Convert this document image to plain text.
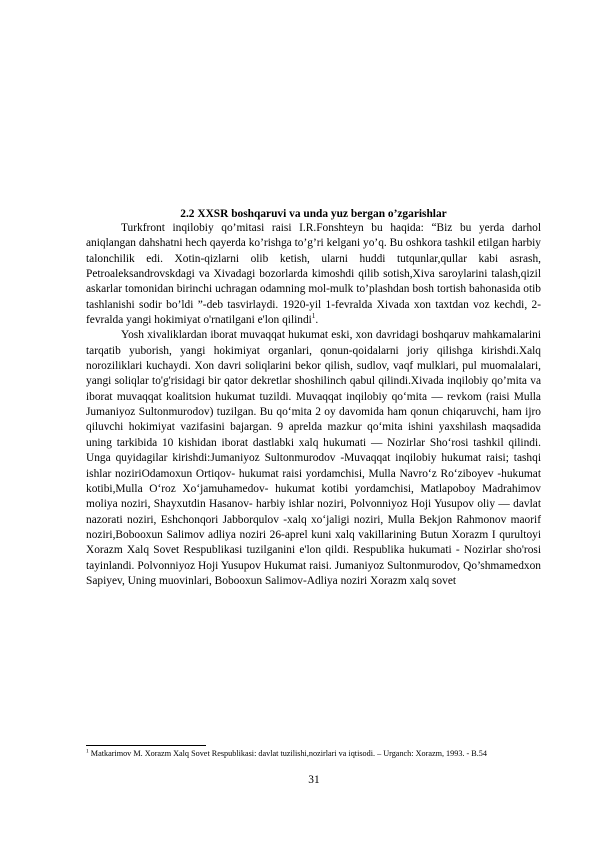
2.2 XXSR boshqaruvi va unda yuz bergan o’zgarishlar

Turkfront inqilobiy qo’mitasi raisi I.R.Fonshteyn bu haqida: “Biz bu yerda darhol aniqlangan dahshatni hech qayerda ko’rishga to’g’ri kelgani yo’q. Bu oshkora tashkil etilgan harbiy talonchilik edi. Xotin-qizlarni olib ketish, ularni huddi tutqunlar,qullar kabi asrash, Petroaleksandrovskdagi va Xivadagi bozorlarda kimoshdi qilib sotish,Xiva saroylarini talash,qizil askarlar tomonidan birinchi uchragan odamning mol-mulk to’plashdan bosh tortish bahonasida otib tashlanishi sodir bo’ldi ”-deb tasvirlaydi. 1920-yil 1-fevralda Xivada xon taxtdan voz kechdi, 2-fevralda yangi hokimiyat o'rnatilgani e'lon qilindi$^1$.

Yosh xivaliklardan iborat muvaqqat hukumat eski, xon davridagi boshqaruv mahkamalarini tarqatib yuborish, yangi hokimiyat organlari, qonun-qoidalarni joriy qilishga kirishdi.Xalq noroziliklari kuchaydi. Xon davri soliqlarini bekor qilish, sudlov, vaqf mulklari, pul muomalalari, yangi soliqlar to'g'risidagi bir qator dekretlar shoshilinch qabul qilindi.Xivada inqilobiy qo’mita va iborat muvaqqat koalitsion hukumat tuzildi. Muvaqqat inqilobiy qo‘mita — revkom (raisi Mulla Jumaniyoz Sultonmurodov) tuzilgan. Bu qo‘mita 2 oy davomida ham qonun chiqaruvchi, ham ijro qiluvchi hokimiyat vazifasini bajargan. 9 aprelda mazkur qo‘mita ishini yaxshilash maqsadida uning tarkibida 10 kishidan iborat dastlabki xalq hukumati — Nozirlar Sho‘rosi tashkil qilindi. Unga quyidagilar kirishdi:Jumaniyoz Sultonmurodov -Muvaqqat inqilobiy hukumat raisi; tashqi ishlar noziriOdamoxun Ortiqov- hukumat raisi yordamchisi, Mulla Navro‘z Ro‘ziboyev -hukumat kotibi,Mulla O‘roz Xo‘jamuhamedov- hukumat kotibi yordamchisi, Matlapoboy Madrahimov moliya noziri, Shayxutdin Hasanov- harbiy ishlar noziri, Polvonniyoz Hoji Yusupov oliy — davlat nazorati noziri, Eshchonqori Jabborqulov -xalq xo‘jaligi noziri, Mulla Bekjon Rahmonov maorif noziri,Bobooxun Salimov adliya noziri 26-aprel kuni xalq vakillarining Butun Xorazm I qurultoyi Xorazm Xalq Sovet Respublikasi tuzilganini e'lon qildi. Respublika hukumati - Nozirlar sho'rosi tayinlandi. Polvonniyoz Hoji Yusupov Hukumat raisi. Jumaniyoz Sultonmurodov, Qo’shmamedxon Sapiyev, Uning muovinlari, Bobooxun Salimov-Adliya noziri Xorazm xalq sovet

$^1$ Matkarimov M. Xorazm Xalq Sovet Respublikasi: davlat tuzilishi,nozirlari va iqtisodi. – Urganch: Xorazm, 1993. - B.54
31
